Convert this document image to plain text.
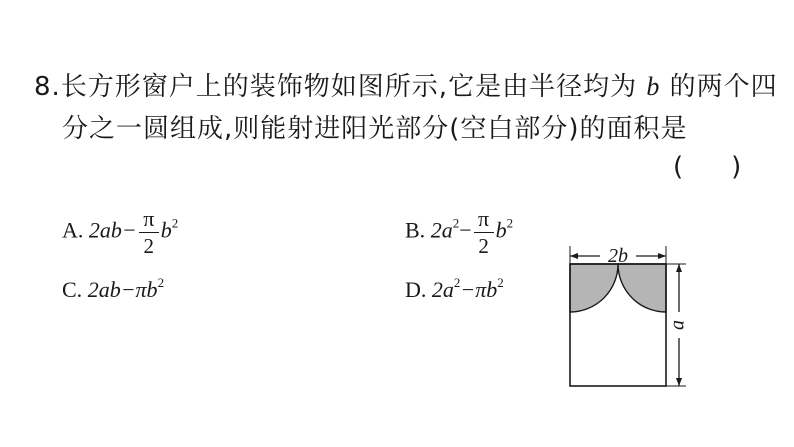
8.长方形窗户上的装饰物如图所示,它是由半径均为 b 的两个四
分之一圆组成,则能射进阳光部分(空白部分)的面积是
( )
A. $2ab- \frac{\pi}{2} b^2$	B. $2a^2- \frac{\pi}{2} b^2$
C. $2ab-\pi b^2$	D. $2a^2-\pi b^2$
2b
a
